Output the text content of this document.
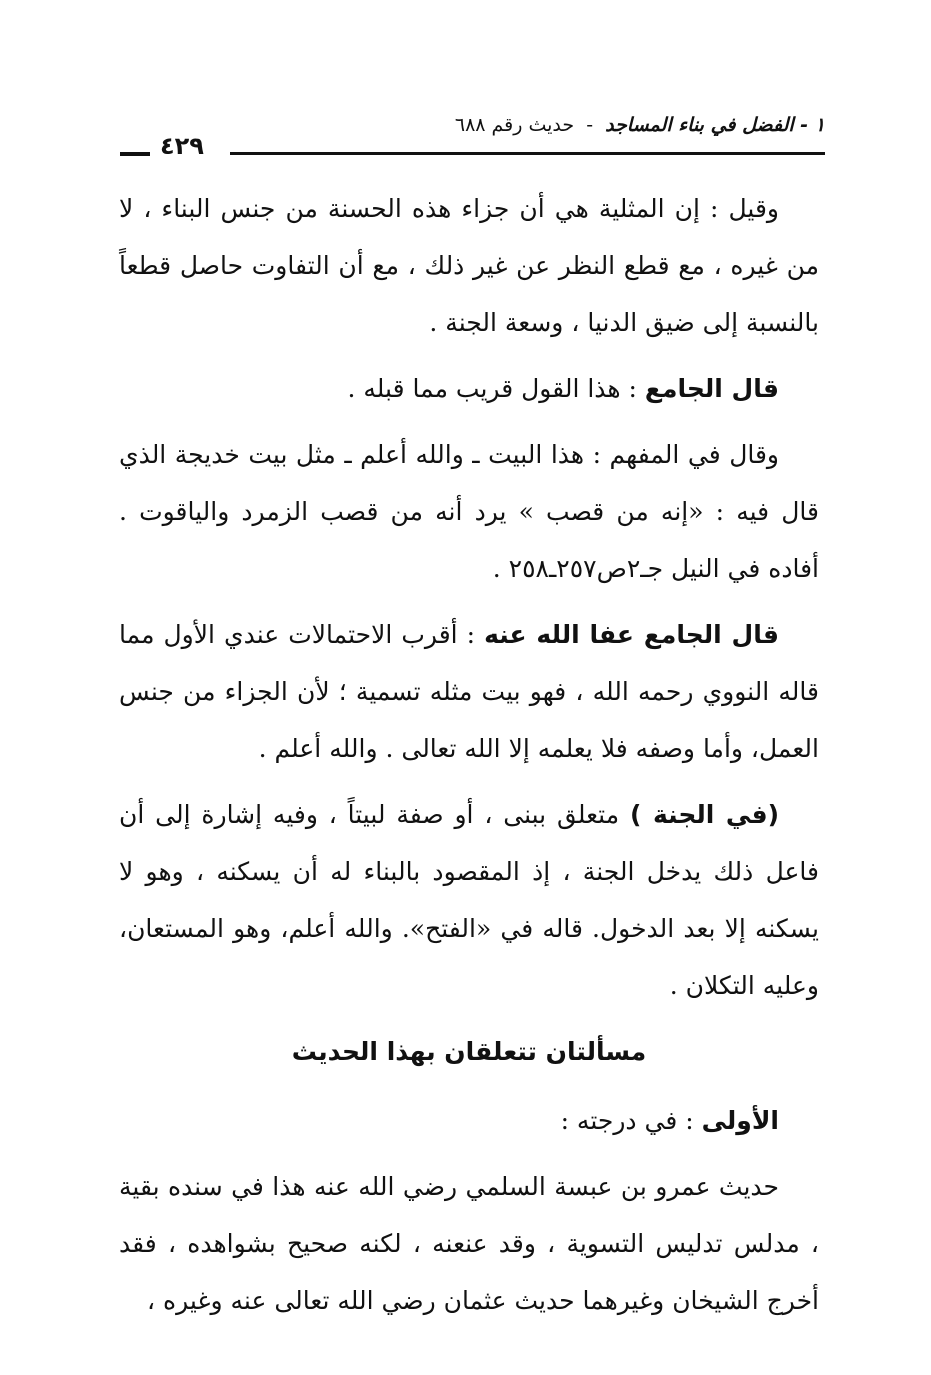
١ - الفضل في بناء المساجد - حديث رقم ٦٨٨
٤٢٩

وقيل : إن المثلية هي أن جزاء هذه الحسنة من جنس البناء ، لا من غيره ، مع قطع النظر عن غير ذلك ، مع أن التفاوت حاصل قطعاً بالنسبة إلى ضيق الدنيا ، وسعة الجنة .

قال الجامع : هذا القول قريب مما قبله .

وقال في المفهم : هذا البيت ـ والله أعلم ـ مثل بيت خديجة الذي قال فيه : «إنه من قصب » يرد أنه من قصب الزمرد والياقوت . أفاده في النيل جـ٢ص٢٥٧ـ٢٥٨ .

قال الجامع عفا الله عنه : أقرب الاحتمالات عندي الأول مما قاله النووي رحمه الله ، فهو بيت مثله تسمية ؛ لأن الجزاء من جنس العمل، وأما وصفه فلا يعلمه إلا الله تعالى . والله أعلم .

(في الجنة ) متعلق ببنى ، أو صفة لبيتاً ، وفيه إشارة إلى أن فاعل ذلك يدخل الجنة ، إذ المقصود بالبناء له أن يسكنه ، وهو لا يسكنه إلا بعد الدخول. قاله في «الفتح». والله أعلم، وهو المستعان، وعليه التكلان .

مسألتان تتعلقان بهذا الحديث

الأولى : في درجته :

حديث عمرو بن عبسة السلمي رضي الله عنه هذا في سنده بقية ، مدلس تدليس التسوية ، وقد عنعنه ، لكنه صحيح بشواهده ، فقد أخرج الشيخان وغيرهما حديث عثمان رضي الله تعالى عنه وغيره ،
